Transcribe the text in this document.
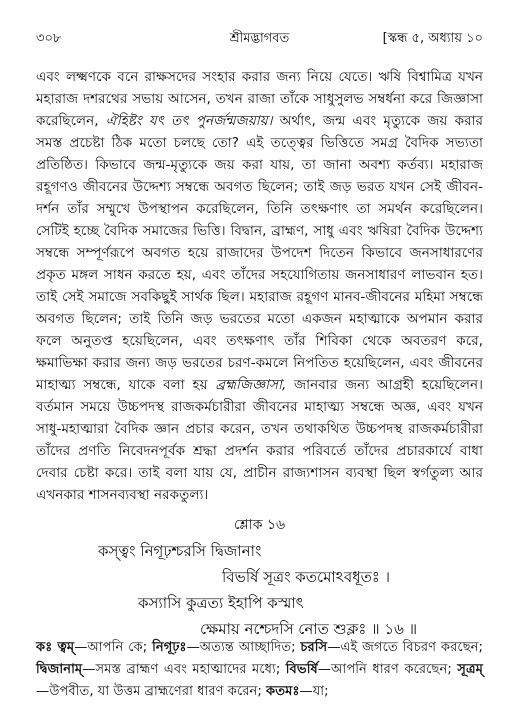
৩০৮	শ্রীমদ্ভাগবত	[স্কন্ধ ৫, অধ্যায় ১০

এবং লক্ষ্মণকে বনে রাক্ষসদের সংহার করার জন্য নিয়ে যেতে। ঋষি বিশ্বামিত্র যখন মহারাজ দশরথের সভায় আসেন, তখন রাজা তাঁকে সাধুসুলভ সম্বর্ধনা করে জিজ্ঞাসা করেছিলেন, ঐহিষ্টং যৎ তৎ পুনর্জন্মজয়ায়। অর্থাৎ, জন্ম এবং মৃত্যুকে জয় করার সমস্ত প্রচেষ্টা ঠিক মতো চলছে তো? এই তত্ত্বের ভিত্তিতে সমগ্র বৈদিক সভ্যতা প্রতিষ্ঠিত। কিভাবে জন্ম-মৃত্যুকে জয় করা যায়, তা জানা অবশ্য কর্তব্য। মহারাজ রহূগণও জীবনের উদ্দেশ্য সম্বন্ধে অবগত ছিলেন; তাই জড় ভরত যখন সেই জীবন-দর্শন তাঁর সম্মুখে উপস্থাপন করেছিলেন, তিনি তৎক্ষণাৎ তা সমর্থন করেছিলেন। সেটিই হচ্ছে বৈদিক সমাজের ভিত্তি। বিদ্বান, ব্রাহ্মণ, সাধু এবং ঋষিরা বৈদিক উদ্দেশ্য সম্বন্ধে সম্পূর্ণরূপে অবগত হয়ে রাজাদের উপদেশ দিতেন কিভাবে জনসাধারণের প্রকৃত মঙ্গল সাধন করতে হয়, এবং তাঁদের সহযোগিতায় জনসাধারণ লাভবান হত। তাই সেই সমাজে সবকিছুই সার্থক ছিল। মহারাজ রহূগণ মানব-জীবনের মহিমা সম্বন্ধে অবগত ছিলেন; তাই তিনি জড় ভরতের মতো একজন মহাত্মাকে অপমান করার ফলে অনুতপ্ত হয়েছিলেন, এবং তৎক্ষণাৎ তাঁর শিবিকা থেকে অবতরণ করে, ক্ষমাভিক্ষা করার জন্য জড় ভরতের চরণ-কমলে নিপতিত হয়েছিলেন, এবং জীবনের মাহাত্ম্য সম্বন্ধে, যাকে বলা হয় ব্রহ্মজিজ্ঞাসা, জানবার জন্য আগ্রহী হয়েছিলেন। বর্তমান সময়ে উচ্চপদস্থ রাজকর্মচারীরা জীবনের মাহাত্ম্য সম্বন্ধে অজ্ঞ, এবং যখন সাধু-মহাত্মারা বৈদিক জ্ঞান প্রচার করেন, তখন তথাকথিত উচ্চপদস্থ রাজকর্মচারীরা তাঁদের প্রণতি নিবেদনপূর্বক শ্রদ্ধা প্রদর্শন করার পরিবর্তে তাঁদের প্রচারকার্যে বাধা দেবার চেষ্টা করে। তাই বলা যায় যে, প্রাচীন রাজ্যশাসন ব্যবস্থা ছিল স্বর্গতুল্য আর এখনকার শাসনব্যবস্থা নরকতুল্য।

শ্লোক ১৬
কস্ত্বং নিগূঢ়শ্চরসি দ্বিজানাং
বিভর্ষি সূত্রং কতমোঽবধূতঃ ।
কস্যাসি কুত্রত্য ইহাপি কস্মাৎ
ক্ষেমায় নশ্চেদসি নোত শুক্লঃ ॥ ১৬ ॥

কঃ ত্বম্—আপনি কে; নিগূঢ়ঃ—অত্যন্ত আচ্ছাদিত; চরসি—এই জগতে বিচরণ করছেন; দ্বিজানাম্—সমস্ত ব্রাহ্মণ এবং মহাত্মাদের মধ্যে; বিভর্ষি—আপনি ধারণ করেছেন; সূত্রম্—উপবীত, যা উত্তম ব্রাহ্মণেরা ধারণ করেন; কতমঃ—যা;
